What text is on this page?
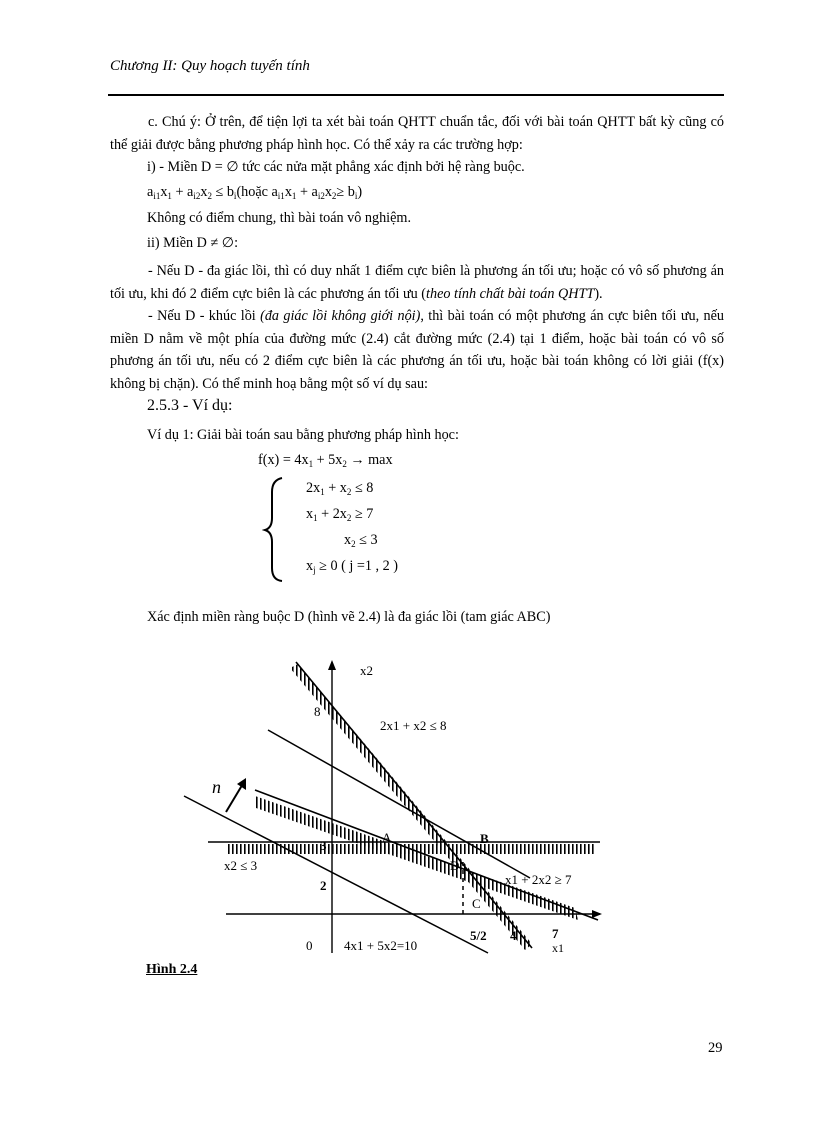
Chương II: Quy hoạch tuyến tính
c. Chú ý: Ở trên, để tiện lợi ta xét bài toán QHTT chuẩn tắc, đối với bài toán QHTT bất kỳ cũng có thể giải được bằng phương pháp hình học. Có thể xảy ra các trường hợp:
i) - Miền D = ∅ tức các nửa mặt phẳng xác định bởi hệ ràng buộc.
$a_{i1}x_1 + a_{i2}x_2$ ≤ $b_i(hoặc$ $a_{i1}x_1 + a_{i2}x_2\ge b_i$)
Không có điểm chung, thì bài toán vô nghiệm.
ii) Miền D ≠ ∅:
- Nếu D - đa giác lồi, thì có duy nhất 1 điểm cực biên là phương án tối ưu; hoặc có vô số phương án tối ưu, khi đó 2 điểm cực biên là các phương án tối ưu (theo tính chất bài toán QHTT).
- Nếu D - khúc lồi (đa giác lồi không giới nội), thì bài toán có một phương án cực biên tối ưu, nếu miền D nằm về một phía của đường mức (2.4) cắt đường mức (2.4) tại 1 điểm, hoặc bài toán có vô số phương án tối ưu, nếu có 2 điểm cực biên là các phương án tối ưu, hoặc bài toán không có lời giải (f(x) không bị chặn). Có thể minh hoạ bằng một số ví dụ sau:
2.5.3 - Ví dụ:
Ví dụ 1: Giải bài toán sau bằng phương pháp hình học:
$f(x) = 4x_1 + 5x_2 \to \max$
$2x_1 + x_2 \le 8$
$x_1 + 2x_2 \ge 7$
$x_2 \le 3$
$x_j \ge 0$ ( j =1 , 2 )
Xác định miền ràng buộc D (hình vẽ 2.4) là đa giác lồi (tam giác ABC)
x2
8
2x1 + x2 ≤ 8
n
3
A	B
D
C
x2 ≤ 3
x1 + 2x2 ≥ 7
2
5/2 4	7
x1
0 4x1 + 5x2=10
Hình 2.4
29
